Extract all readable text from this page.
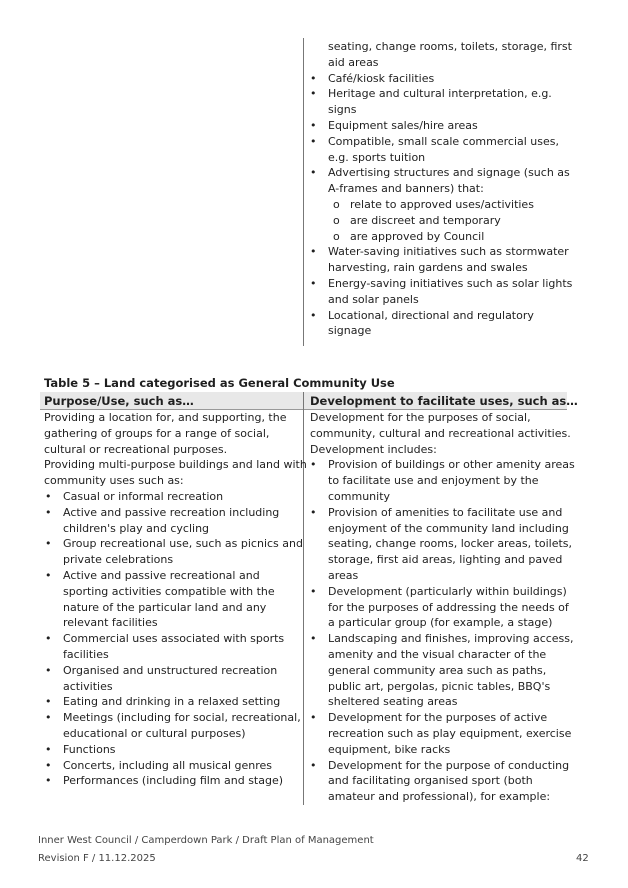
seating, change rooms, toilets, storage, first
aid areas
• Café/kiosk facilities
• Heritage and cultural interpretation, e.g.
signs
• Equipment sales/hire areas
• Compatible, small scale commercial uses,
e.g. sports tuition
• Advertising structures and signage (such as
A-frames and banners) that:
o relate to approved uses/activities
o are discreet and temporary
o are approved by Council
• Water-saving initiatives such as stormwater
harvesting, rain gardens and swales
• Energy-saving initiatives such as solar lights
and solar panels
• Locational, directional and regulatory
signage
Table 5 – Land categorised as General Community Use
Purpose/Use, such as…	Development to facilitate uses, such as…
Providing a location for, and supporting, the
gathering of groups for a range of social,
cultural or recreational purposes.
Providing multi-purpose buildings and land with
community uses such as:
• Casual or informal recreation
• Active and passive recreation including
children's play and cycling
• Group recreational use, such as picnics and
private celebrations
• Active and passive recreational and
sporting activities compatible with the
nature of the particular land and any
relevant facilities
• Commercial uses associated with sports
facilities
• Organised and unstructured recreation
activities
• Eating and drinking in a relaxed setting
• Meetings (including for social, recreational,
educational or cultural purposes)
• Functions
• Concerts, including all musical genres
• Performances (including film and stage)
Development for the purposes of social,
community, cultural and recreational activities.
Development includes:
• Provision of buildings or other amenity areas
to facilitate use and enjoyment by the
community
• Provision of amenities to facilitate use and
enjoyment of the community land including
seating, change rooms, locker areas, toilets,
storage, first aid areas, lighting and paved
areas
• Development (particularly within buildings)
for the purposes of addressing the needs of
a particular group (for example, a stage)
• Landscaping and finishes, improving access,
amenity and the visual character of the
general community area such as paths,
public art, pergolas, picnic tables, BBQ's
sheltered seating areas
• Development for the purposes of active
recreation such as play equipment, exercise
equipment, bike racks
• Development for the purpose of conducting
and facilitating organised sport (both
amateur and professional), for example:
Inner West Council / Camperdown Park / Draft Plan of Management
Revision F / 11.12.2025	42
